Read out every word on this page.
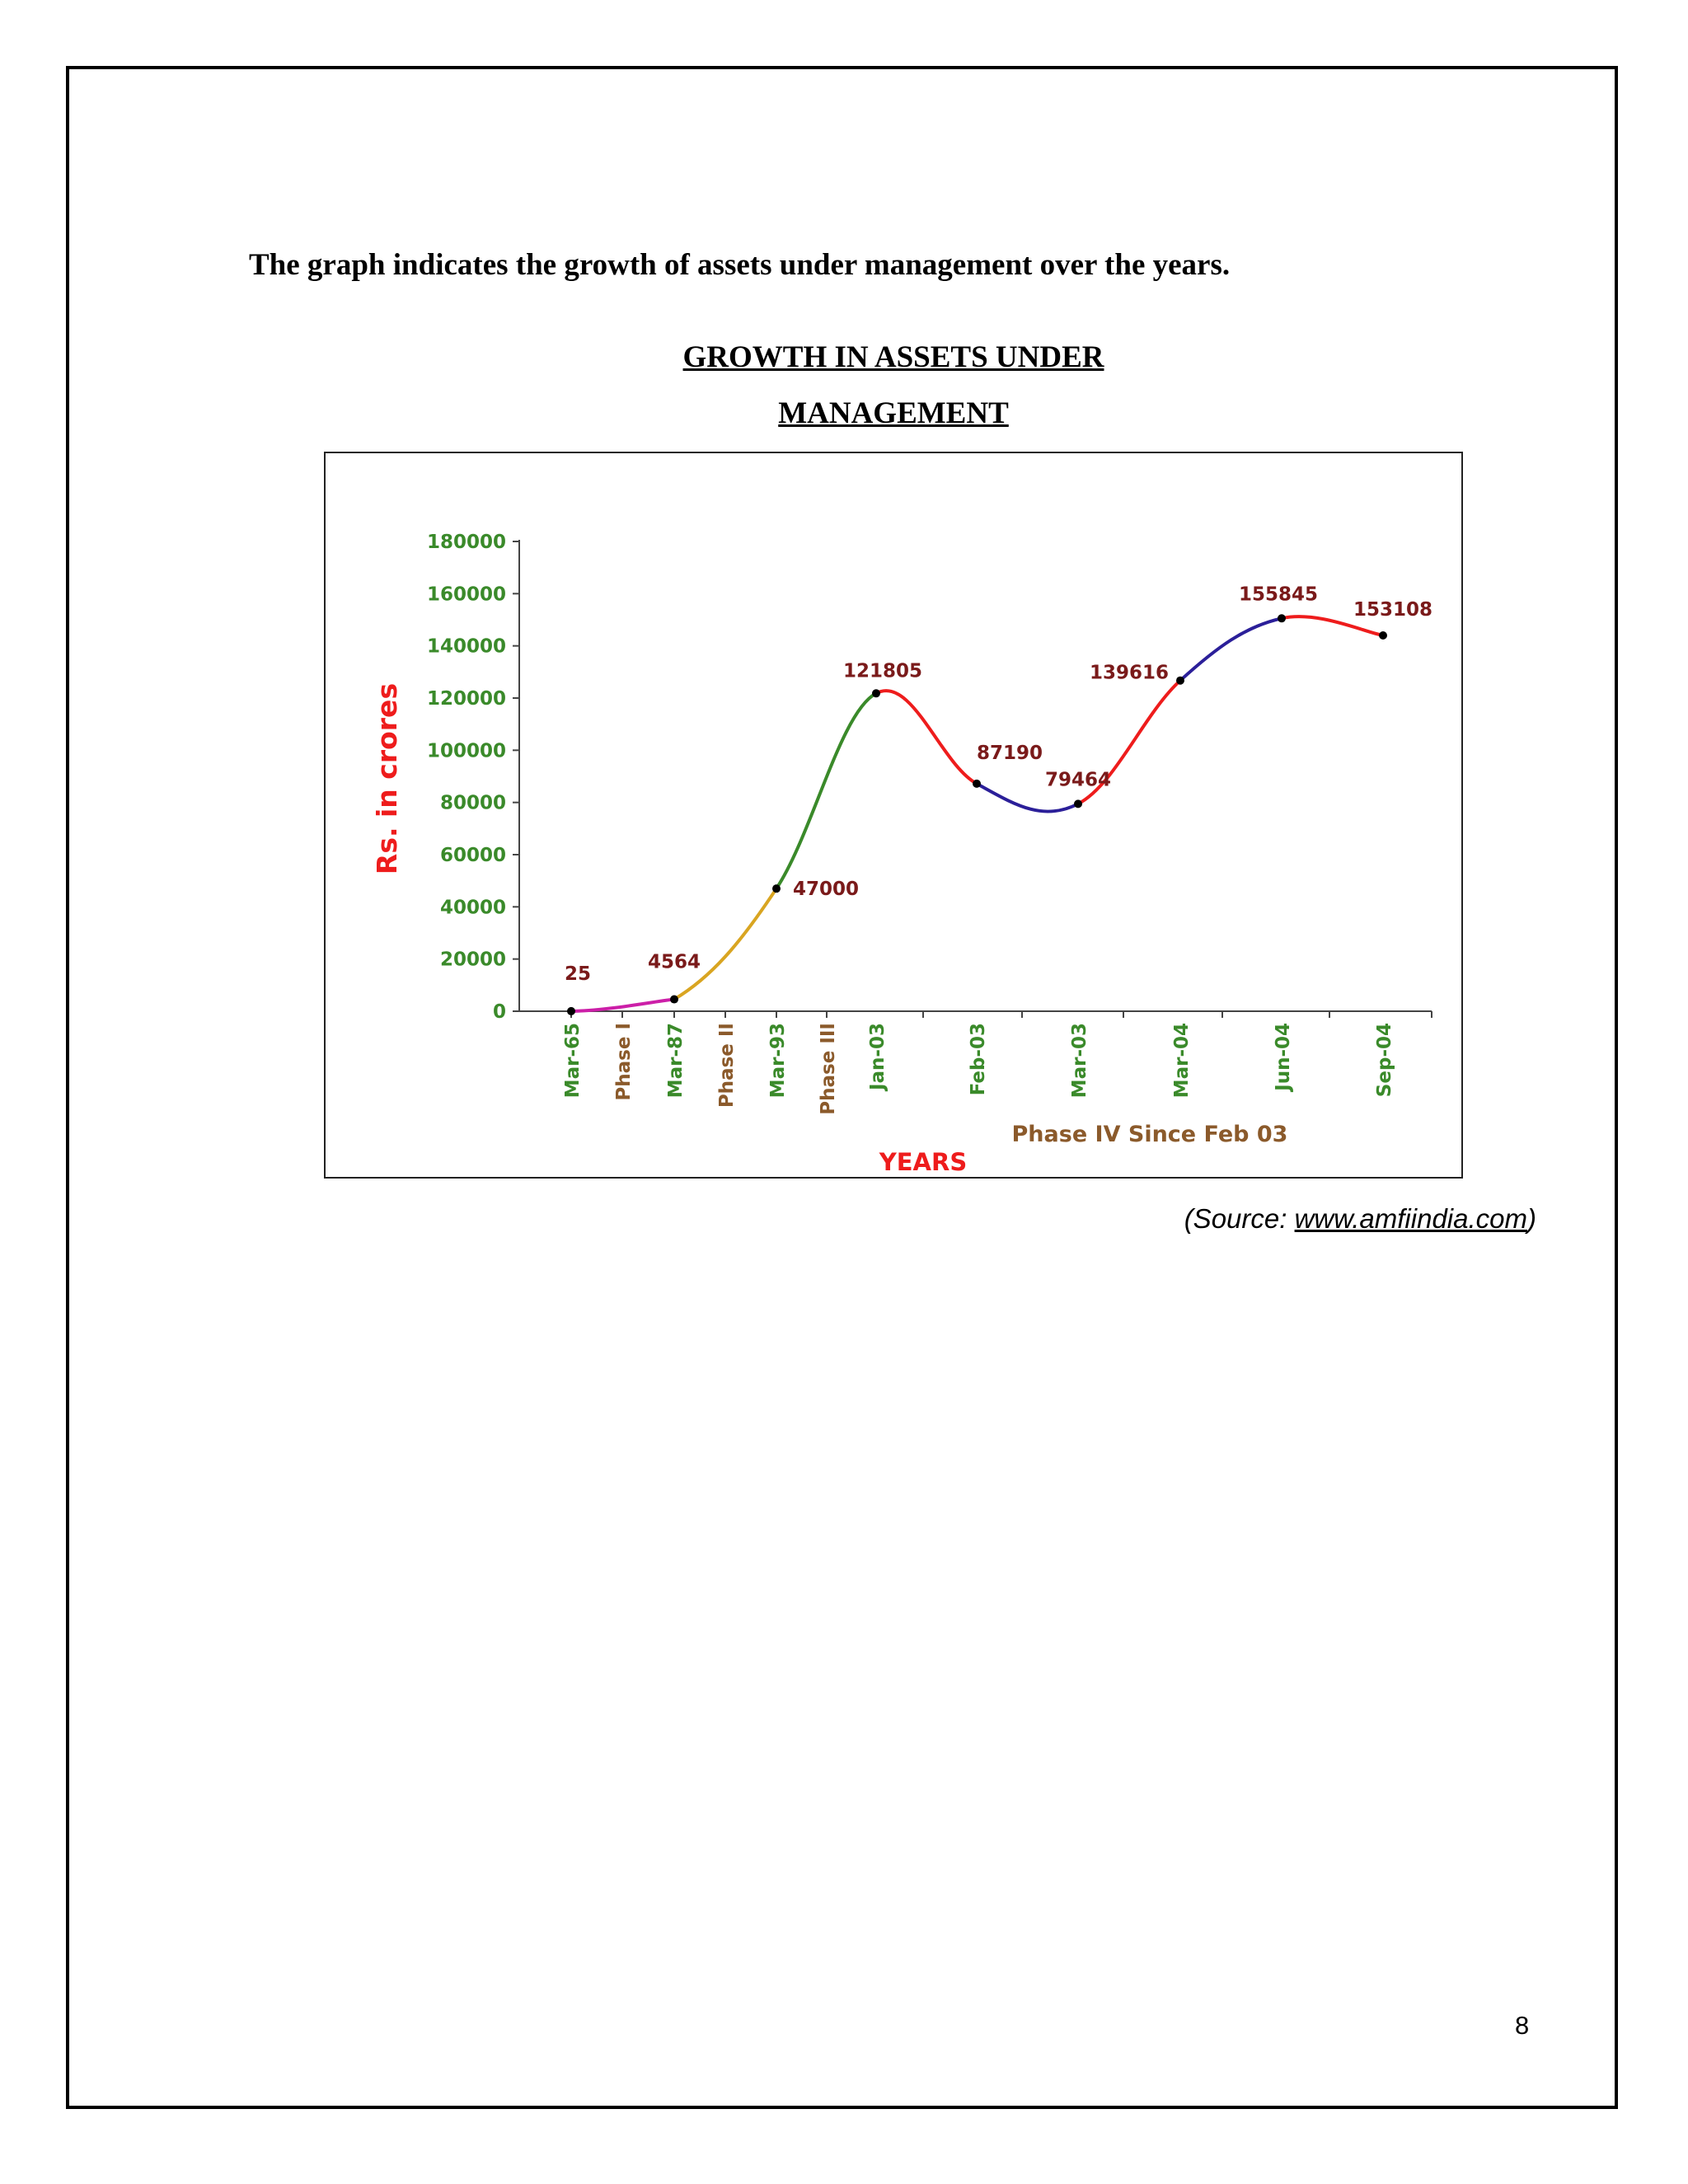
The graph indicates the growth of assets under management over the years.
GROWTH IN ASSETS UNDER
MANAGEMENT
0
20000
40000
60000
80000
100000
120000
140000
160000
180000
Mar-65 Phase I Mar-87 Phase II Mar-93 Phase III Jan-03	Feb-03	Mar-03	Mar-04	Jun-04	Sep-04
Rs. in crores
YEARS
Phase IV Since Feb 03
25
4564
47000
121805
87190
79464
139616
155845
153108
(Source: www.amfiindia.com)
8
